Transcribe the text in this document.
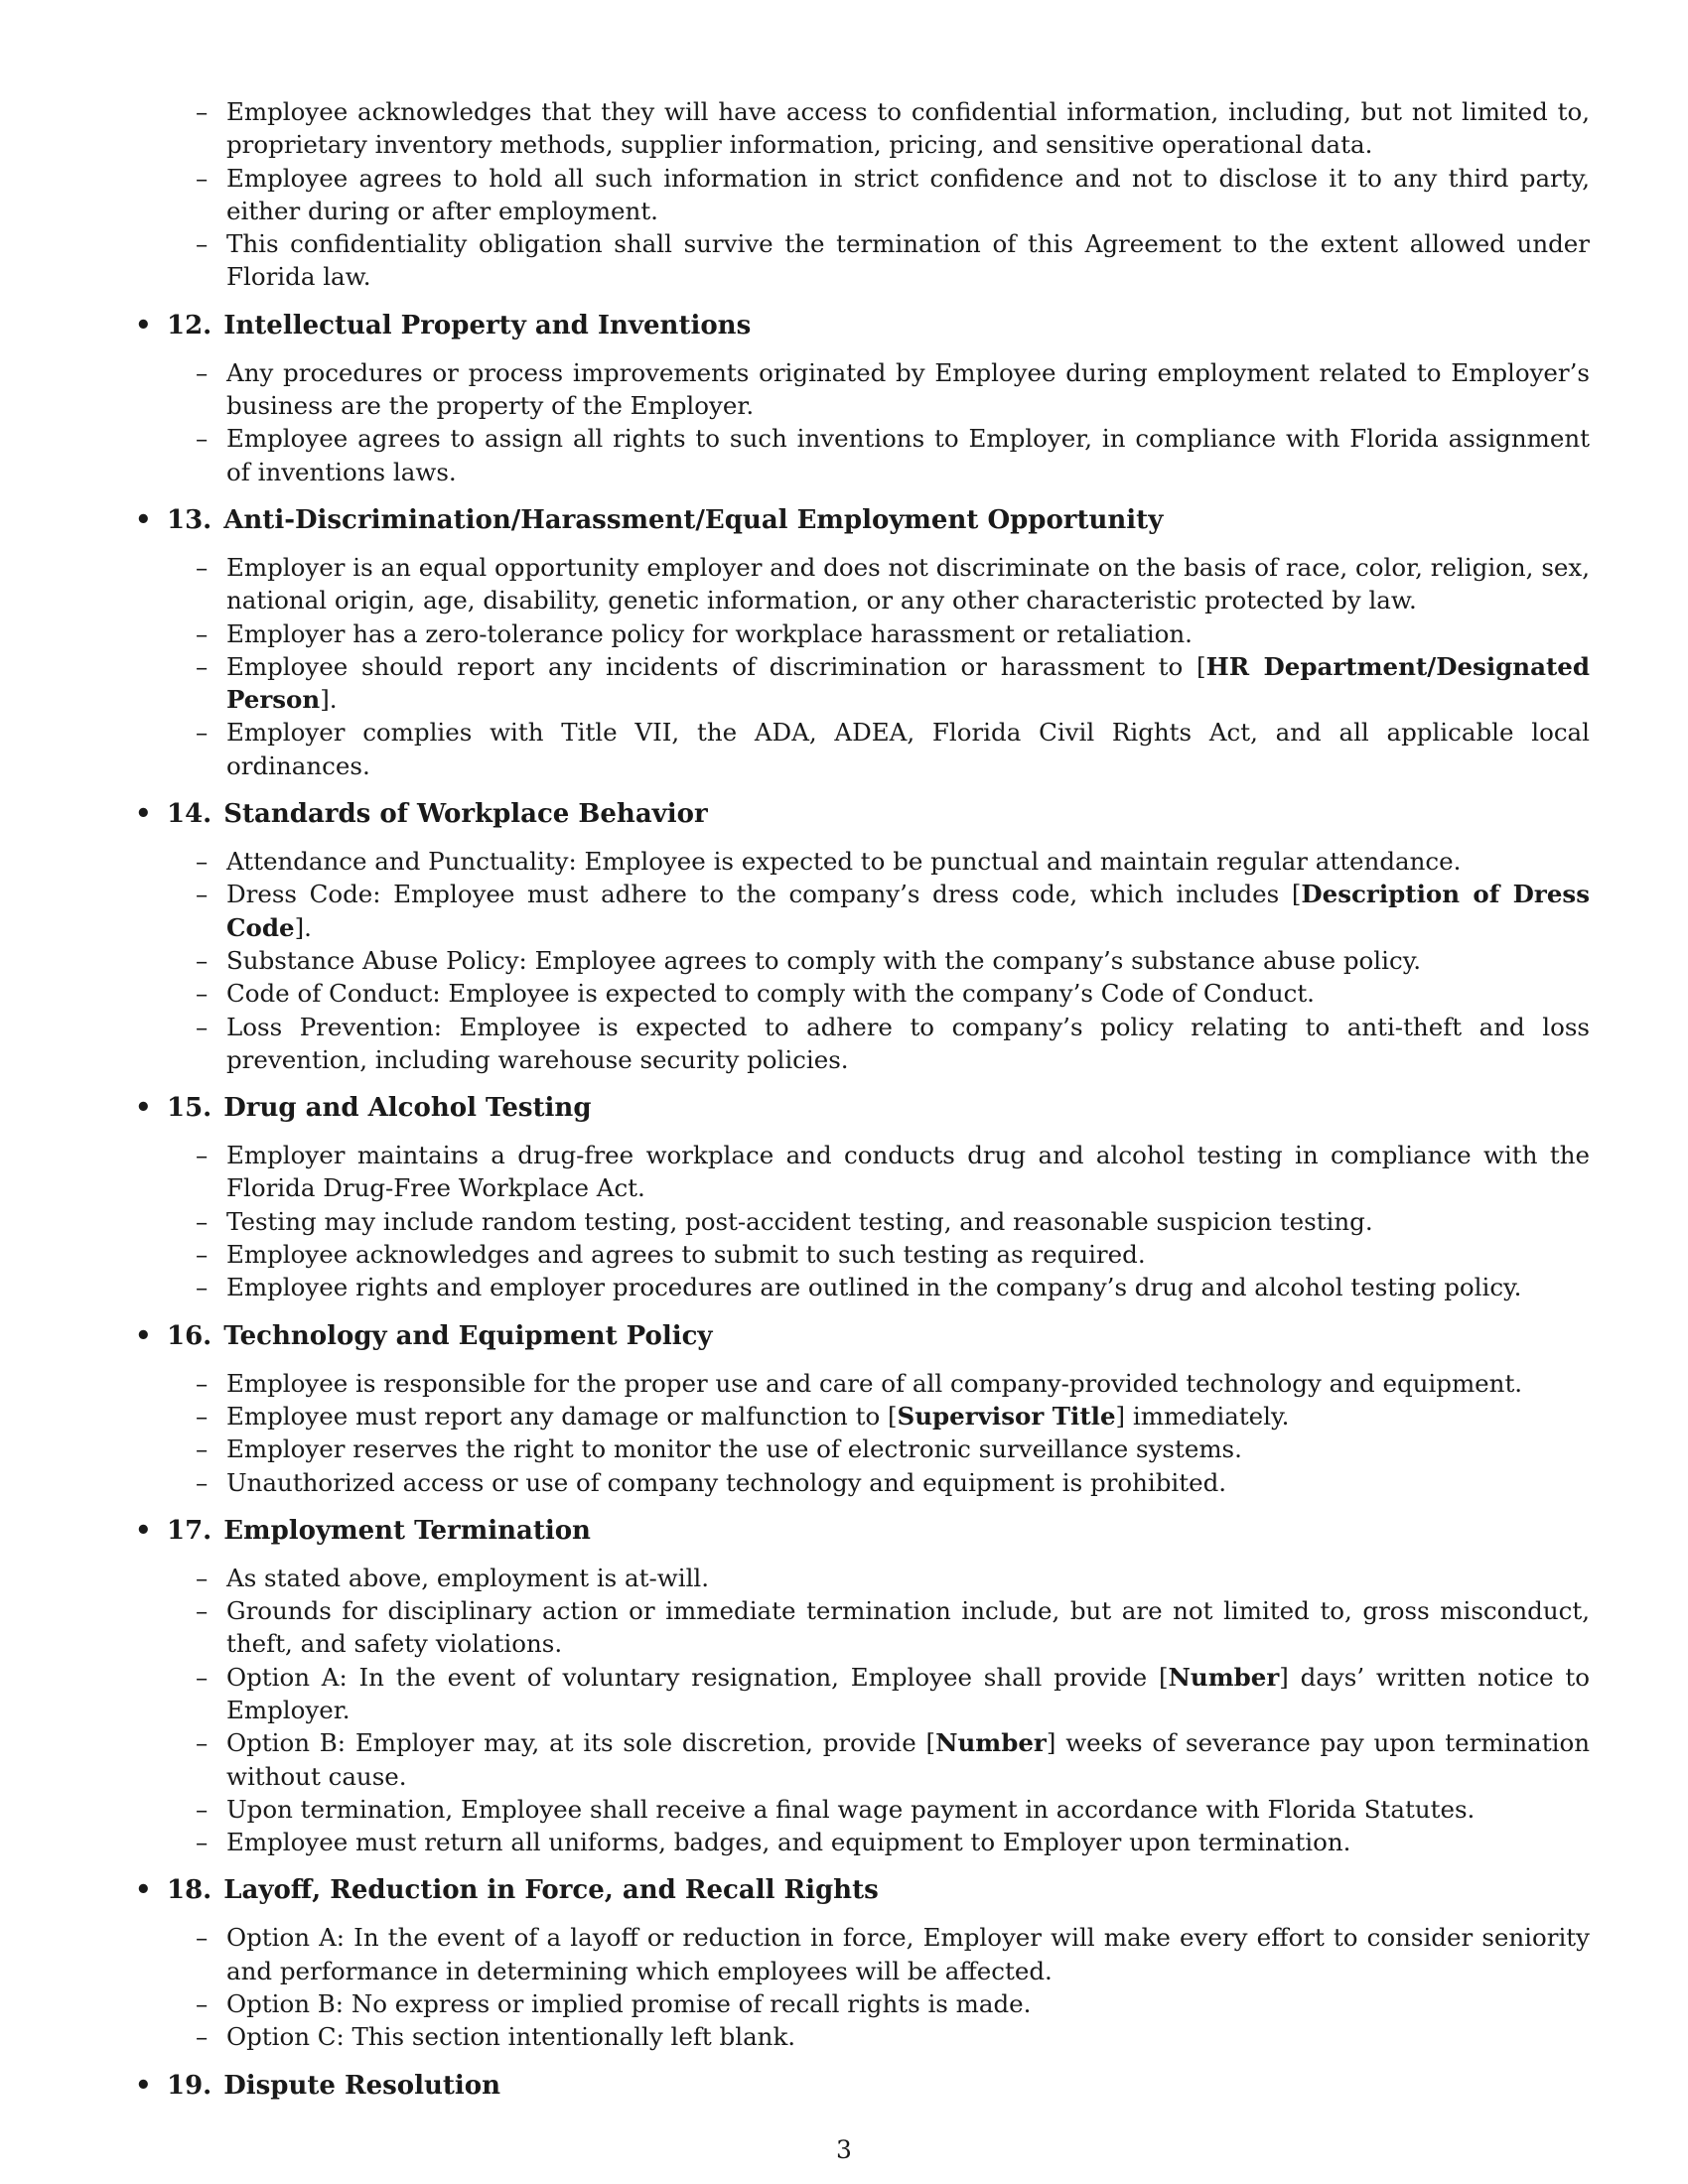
– Employee acknowledges that they will have access to confidential information, including, but not limited to, proprietary inventory methods, supplier information, pricing, and sensitive operational data.
– Employee agrees to hold all such information in strict confidence and not to disclose it to any third party, either during or after employment.
– This confidentiality obligation shall survive the termination of this Agreement to the extent allowed under Florida law.
• 12. Intellectual Property and Inventions
– Any procedures or process improvements originated by Employee during employment related to Employer’s business are the property of the Employer.
– Employee agrees to assign all rights to such inventions to Employer, in compliance with Florida assignment of inventions laws.
• 13. Anti-Discrimination/Harassment/Equal Employment Opportunity
– Employer is an equal opportunity employer and does not discriminate on the basis of race, color, religion, sex, national origin, age, disability, genetic information, or any other characteristic protected by law.
– Employer has a zero-tolerance policy for workplace harassment or retaliation.
– Employee should report any incidents of discrimination or harassment to [HR Department/Designated Person].
– Employer complies with Title VII, the ADA, ADEA, Florida Civil Rights Act, and all applicable local ordinances.
• 14. Standards of Workplace Behavior
– Attendance and Punctuality: Employee is expected to be punctual and maintain regular attendance.
– Dress Code: Employee must adhere to the company’s dress code, which includes [Description of Dress Code].
– Substance Abuse Policy: Employee agrees to comply with the company’s substance abuse policy.
– Code of Conduct: Employee is expected to comply with the company’s Code of Conduct.
– Loss Prevention: Employee is expected to adhere to company’s policy relating to anti-theft and loss prevention, including warehouse security policies.
• 15. Drug and Alcohol Testing
– Employer maintains a drug-free workplace and conducts drug and alcohol testing in compliance with the Florida Drug-Free Workplace Act.
– Testing may include random testing, post-accident testing, and reasonable suspicion testing.
– Employee acknowledges and agrees to submit to such testing as required.
– Employee rights and employer procedures are outlined in the company’s drug and alcohol testing policy.
• 16. Technology and Equipment Policy
– Employee is responsible for the proper use and care of all company-provided technology and equipment.
– Employee must report any damage or malfunction to [Supervisor Title] immediately.
– Employer reserves the right to monitor the use of electronic surveillance systems.
– Unauthorized access or use of company technology and equipment is prohibited.
• 17. Employment Termination
– As stated above, employment is at-will.
– Grounds for disciplinary action or immediate termination include, but are not limited to, gross misconduct, theft, and safety violations.
– Option A: In the event of voluntary resignation, Employee shall provide [Number] days’ written notice to Employer.
– Option B: Employer may, at its sole discretion, provide [Number] weeks of severance pay upon termination without cause.
– Upon termination, Employee shall receive a final wage payment in accordance with Florida Statutes.
– Employee must return all uniforms, badges, and equipment to Employer upon termination.
• 18. Layoff, Reduction in Force, and Recall Rights
– Option A: In the event of a layoff or reduction in force, Employer will make every effort to consider seniority and performance in determining which employees will be affected.
– Option B: No express or implied promise of recall rights is made.
– Option C: This section intentionally left blank.
• 19. Dispute Resolution
3
